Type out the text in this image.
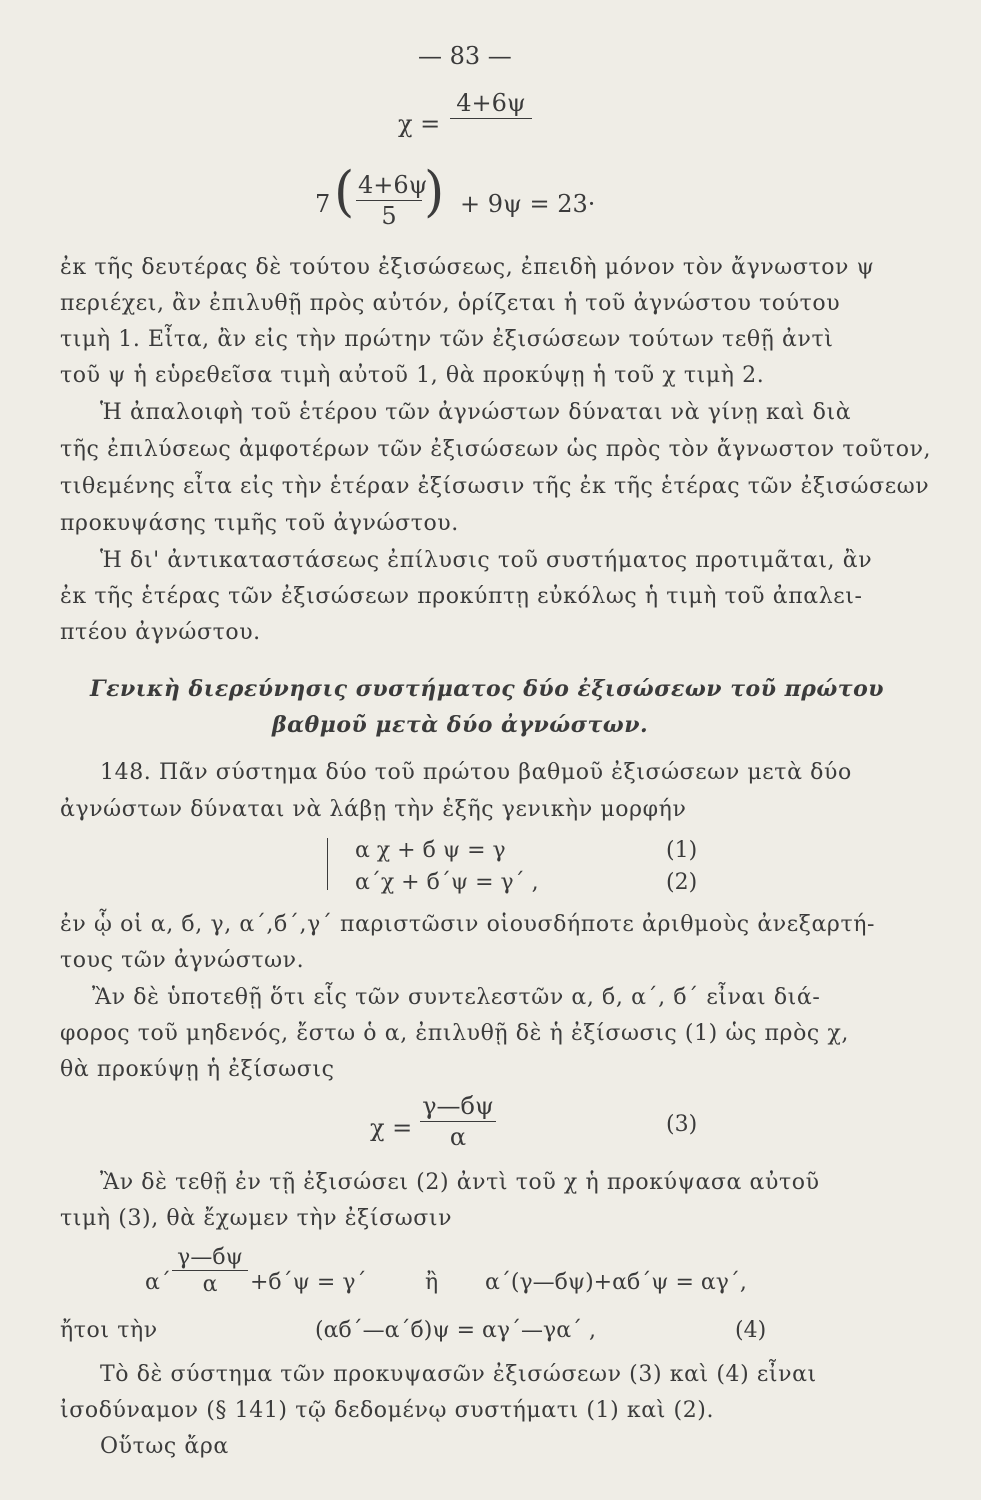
— 83 —
χ =
4+6ψ
7 ( $\frac{4+6\psi}{5}$ ) + 9ψ = 23·
ἐκ τῆς δευτέρας δὲ τούτου ἐξισώσεως, ἐπειδὴ μόνον τὸν ἄγνωστον ψ
περιέχει, ἂν ἐπιλυθῇ πρὸς αὐτόν, ὁρίζεται ἡ τοῦ ἀγνώστου τούτου
τιμὴ 1. Εἶτα, ἂν εἰς τὴν πρώτην τῶν ἐξισώσεων τούτων τεθῇ ἀντὶ
τοῦ ψ ἡ εὑρεθεῖσα τιμὴ αὐτοῦ 1, θὰ προκύψῃ ἡ τοῦ χ τιμὴ 2.
Ἡ ἀπαλοιφὴ τοῦ ἑτέρου τῶν ἀγνώστων δύναται νὰ γίνῃ καὶ διὰ
τῆς ἐπιλύσεως ἀμφοτέρων τῶν ἐξισώσεων ὡς πρὸς τὸν ἄγνωστον τοῦτον,
τιθεμένης εἶτα εἰς τὴν ἑτέραν ἐξίσωσιν τῆς ἐκ τῆς ἑτέρας τῶν ἐξισώσεων
προκυψάσης τιμῆς τοῦ ἀγνώστου.
Ἡ δι' ἀντικαταστάσεως ἐπίλυσις τοῦ συστήματος προτιμᾶται, ἂν
ἐκ τῆς ἑτέρας τῶν ἐξισώσεων προκύπτῃ εὐκόλως ἡ τιμὴ τοῦ ἀπαλει-
πτέου ἀγνώστου.
Γενικὴ διερεύνησις συστήματος δύο ἐξισώσεων τοῦ πρώτου
βαθμοῦ μετὰ δύο ἀγνώστων.
148. Πᾶν σύστημα δύο τοῦ πρώτου βαθμοῦ ἐξισώσεων μετὰ δύο
ἀγνώστων δύναται νὰ λάβῃ τὴν ἑξῆς γενικὴν μορφήν
α χ + б ψ = γ	(1)
α΄χ + б΄ψ = γ΄ ,	(2)
ἐν ᾧ οἱ α, б, γ, α΄,б΄,γ΄ παριστῶσιν οἱουσδήποτε ἀριθμοὺς ἀνεξαρτή-
τους τῶν ἀγνώστων.
Ἂν δὲ ὑποτεθῇ ὅτι εἷς τῶν συντελεστῶν α, б, α΄, б΄ εἶναι διά-
φορος τοῦ μηδενός, ἔστω ὁ α, ἐπιλυθῇ δὲ ἡ ἐξίσωσις (1) ὡς πρὸς χ,
θὰ προκύψῃ ἡ ἐξίσωσις
χ =
γ—бψ
α	(3)
Ἂν δὲ τεθῇ ἐν τῇ ἐξισώσει (2) ἀντὶ τοῦ χ ἡ προκύψασα αὐτοῦ
τιμὴ (3), θὰ ἔχωμεν τὴν ἐξίσωσιν
α΄
γ—бψ
α	+б΄ψ = γ΄	ἢ α΄(γ—бψ)+αб΄ψ = αγ΄,
ἤτοι τὴν	(αб΄—α΄б)ψ = αγ΄—γα΄ ,	(4)
Τὸ δὲ σύστημα τῶν προκυψασῶν ἐξισώσεων (3) καὶ (4) εἶναι
ἰσοδύναμον (§ 141) τῷ δεδομένῳ συστήματι (1) καὶ (2).
Οὕτως ἄρα
